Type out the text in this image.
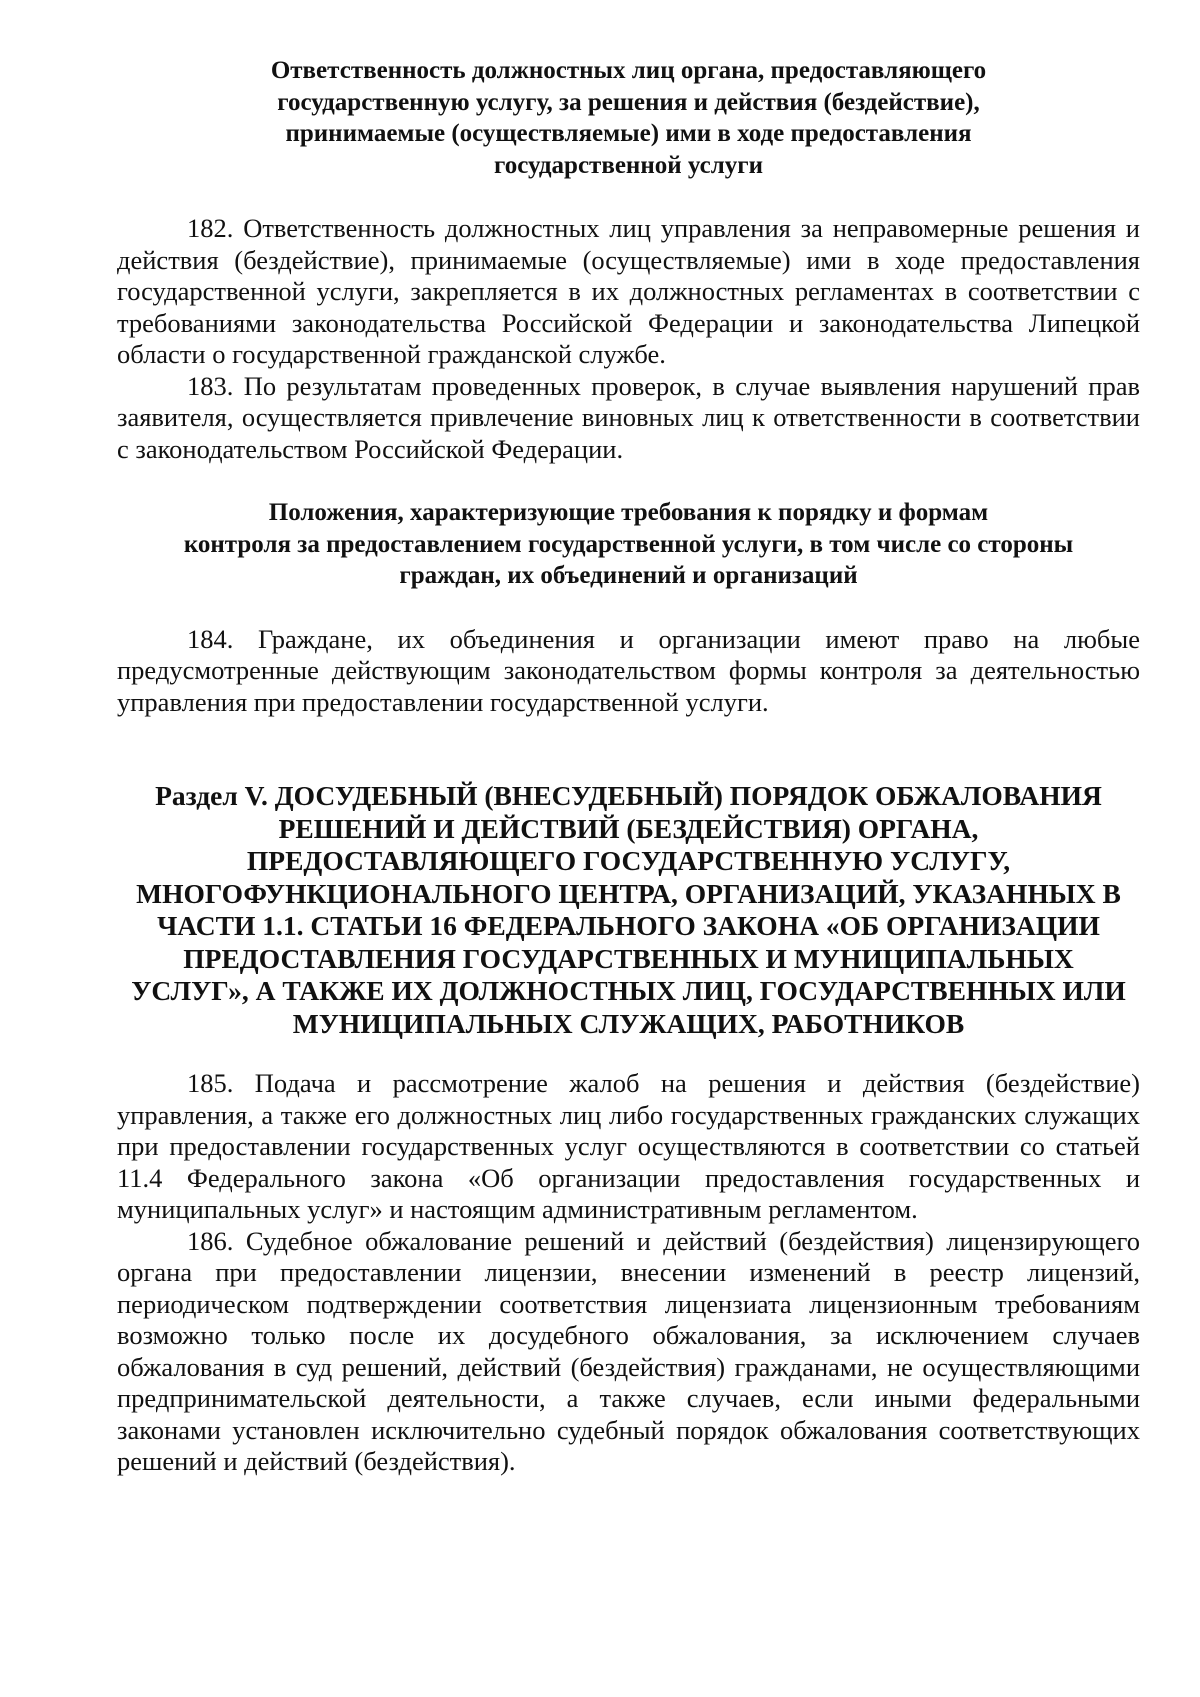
Ответственность должностных лиц органа, предоставляющего
государственную услугу, за решения и действия (бездействие),
принимаемые (осуществляемые) ими в ходе предоставления
государственной услуги

182. Ответственность должностных лиц управления за неправомерные решения и действия (бездействие), принимаемые (осуществляемые) ими в ходе предоставления государственной услуги, закрепляется в их должностных регламентах в соответствии с требованиями законодательства Российской Федерации и законодательства Липецкой области о государственной гражданской службе.

183. По результатам проведенных проверок, в случае выявления нарушений прав заявителя, осуществляется привлечение виновных лиц к ответственности в соответствии с законодательством Российской Федерации.

Положения, характеризующие требования к порядку и формам
контроля за предоставлением государственной услуги, в том числе со стороны
граждан, их объединений и организаций

184. Граждане, их объединения и организации имеют право на любые предусмотренные действующим законодательством формы контроля за деятельностью управления при предоставлении государственной услуги.

Раздел V. ДОСУДЕБНЫЙ (ВНЕСУДЕБНЫЙ) ПОРЯДОК ОБЖАЛОВАНИЯ
РЕШЕНИЙ И ДЕЙСТВИЙ (БЕЗДЕЙСТВИЯ) ОРГАНА,
ПРЕДОСТАВЛЯЮЩЕГО ГОСУДАРСТВЕННУЮ УСЛУГУ,
МНОГОФУНКЦИОНАЛЬНОГО ЦЕНТРА, ОРГАНИЗАЦИЙ, УКАЗАННЫХ В
ЧАСТИ 1.1. СТАТЬИ 16 ФЕДЕРАЛЬНОГО ЗАКОНА «ОБ ОРГАНИЗАЦИИ
ПРЕДОСТАВЛЕНИЯ ГОСУДАРСТВЕННЫХ И МУНИЦИПАЛЬНЫХ
УСЛУГ», А ТАКЖЕ ИХ ДОЛЖНОСТНЫХ ЛИЦ, ГОСУДАРСТВЕННЫХ ИЛИ
МУНИЦИПАЛЬНЫХ СЛУЖАЩИХ, РАБОТНИКОВ

185. Подача и рассмотрение жалоб на решения и действия (бездействие) управления, а также его должностных лиц либо государственных гражданских служащих при предоставлении государственных услуг осуществляются в соответствии со статьей 11.4 Федерального закона «Об организации предоставления государственных и муниципальных услуг» и настоящим административным регламентом.

186. Судебное обжалование решений и действий (бездействия) лицензирующего органа при предоставлении лицензии, внесении изменений в реестр лицензий, периодическом подтверждении соответствия лицензиата лицензионным требованиям возможно только после их досудебного обжалования, за исключением случаев обжалования в суд решений, действий (бездействия) гражданами, не осуществляющими предпринимательской деятельности, а также случаев, если иными федеральными законами установлен исключительно судебный порядок обжалования соответствующих решений и действий (бездействия).
